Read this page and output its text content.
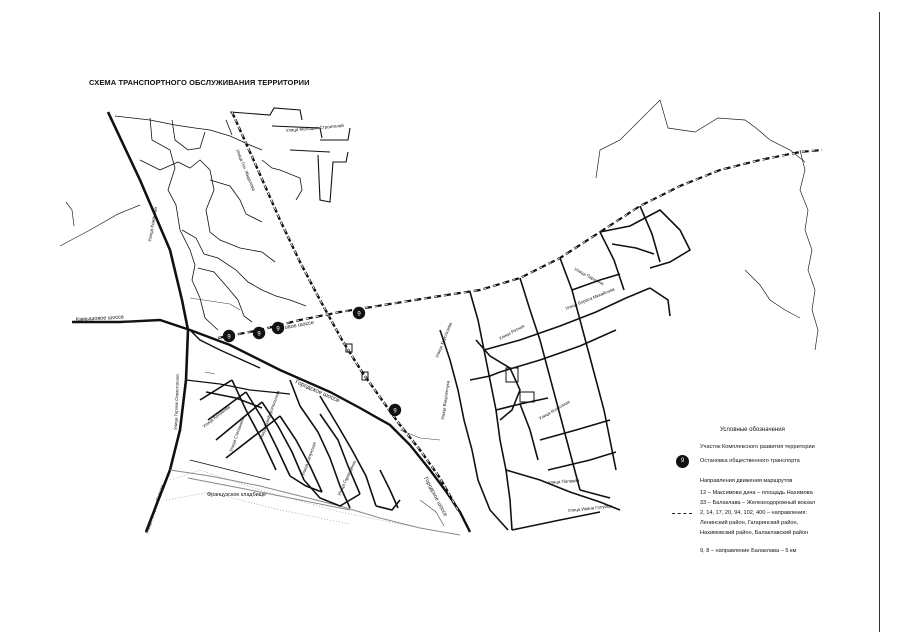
Камышовое шоссе
овое шоссе
Городское шоссе
Городское шоссе
Французское кладбище
Улица Кожанова
Улица Ген. Жидилова
Улица Героев Севастополя
Улица Генерала Петрова
Улица Молодых Строителей
Улица Колобова
Улица Степаняна	Улица Симферопольская
Улица Сапунская
Улица Горпищенко
Улица Хрусталева
Улица Вакуленчука
Улица Ротная
Улица Бориса Михайлова
Улица Паршина
Улица Колхозная
Улица Полевая
Улица Ивана Голубца
9	9
9
9
9
СХЕМА ТРАНСПОРТНОГО ОБСЛУЖИВАНИЯ ТЕРРИТОРИИ
Условные обозначения
Участок Комплексного развития территории
9	Остановка общественного транспорта
Направления движения маршрутов
12 – Максимова дача – площадь Нахимова
33 – Балаклава – Железнодорожный вокзал
2, 14, 17, 20, 94, 102, 400 – направления:
Ленинский район, Гагаринский район,
Нахимовский район, Балаклавский район
9, 8 – направление Балаклава – 5 км
